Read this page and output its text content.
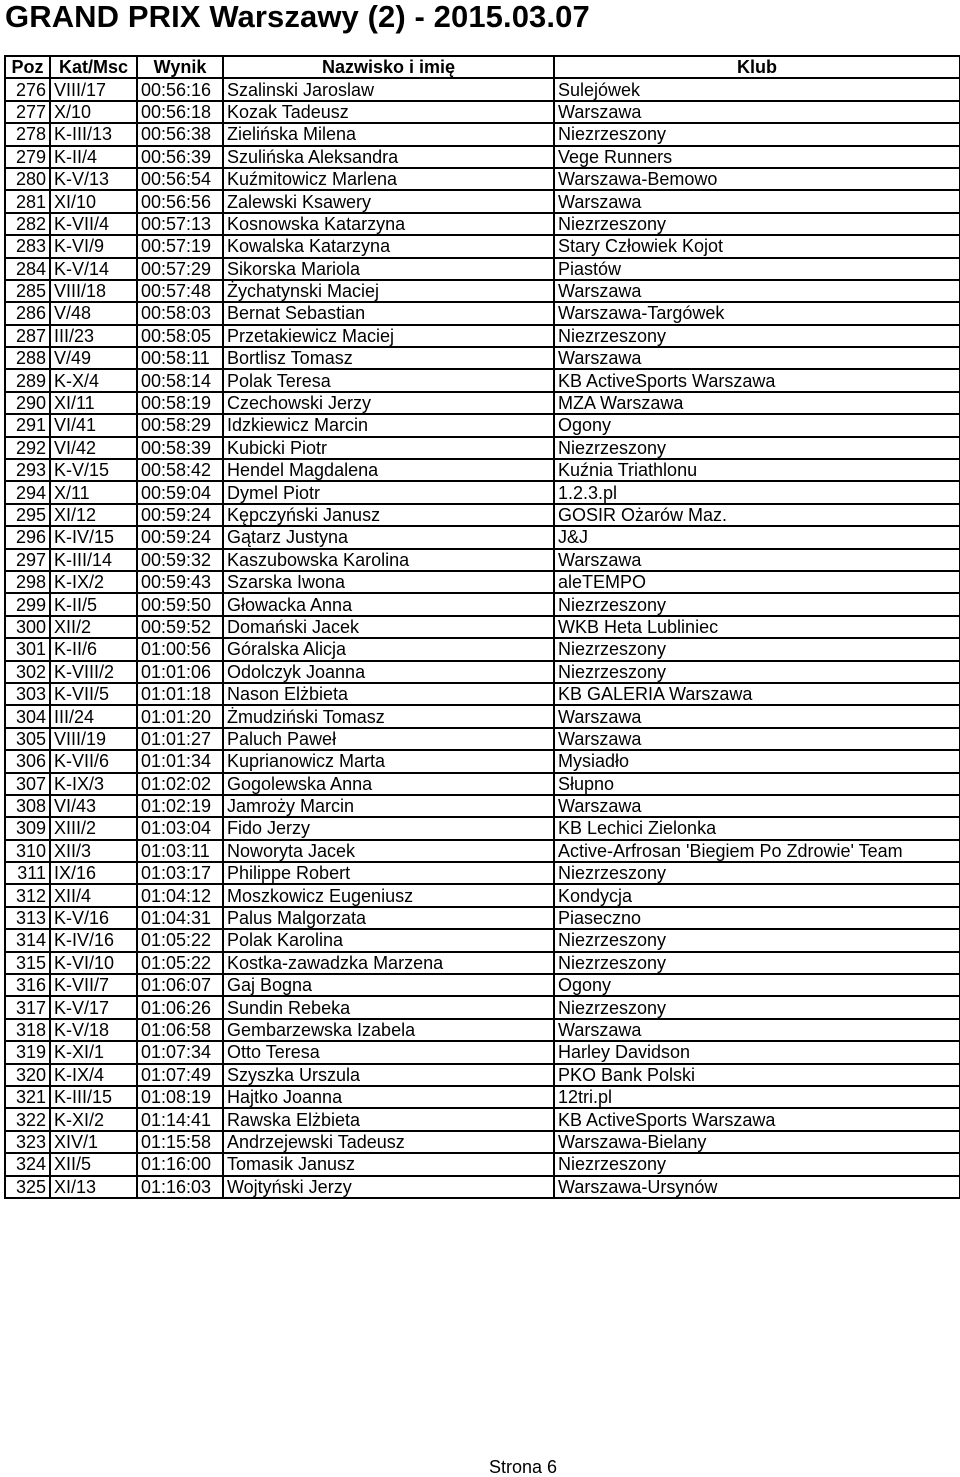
GRAND PRIX Warszawy (2) - 2015.03.07
Poz	Kat/Msc	Wynik	Nazwisko i imię	Klub
276	VIII/17	00:56:16	Szalinski Jaroslaw	Sulejówek
277	X/10	00:56:18	Kozak Tadeusz	Warszawa
278	K-III/13	00:56:38	Zielińska Milena	Niezrzeszony
279	K-II/4	00:56:39	Szulińska Aleksandra	Vege Runners
280	K-V/13	00:56:54	Kuźmitowicz Marlena	Warszawa-Bemowo
281	XI/10	00:56:56	Zalewski Ksawery	Warszawa
282	K-VII/4	00:57:13	Kosnowska Katarzyna	Niezrzeszony
283	K-VI/9	00:57:19	Kowalska Katarzyna	Stary Człowiek Kojot
284	K-V/14	00:57:29	Sikorska Mariola	Piastów
285	VIII/18	00:57:48	Żychatynski Maciej	Warszawa
286	V/48	00:58:03	Bernat Sebastian	Warszawa-Targówek
287	III/23	00:58:05	Przetakiewicz Maciej	Niezrzeszony
288	V/49	00:58:11	Bortlisz Tomasz	Warszawa
289	K-X/4	00:58:14	Polak Teresa	KB ActiveSports Warszawa
290	XI/11	00:58:19	Czechowski Jerzy	MZA Warszawa
291	VI/41	00:58:29	Idzkiewicz Marcin	Ogony
292	VI/42	00:58:39	Kubicki Piotr	Niezrzeszony
293	K-V/15	00:58:42	Hendel Magdalena	Kuźnia Triathlonu
294	X/11	00:59:04	Dymel Piotr	1.2.3.pl
295	XI/12	00:59:24	Kępczyński Janusz	GOSIR Ożarów Maz.
296	K-IV/15	00:59:24	Gątarz Justyna	J&J
297	K-III/14	00:59:32	Kaszubowska Karolina	Warszawa
298	K-IX/2	00:59:43	Szarska Iwona	aleTEMPO
299	K-II/5	00:59:50	Głowacka Anna	Niezrzeszony
300	XII/2	00:59:52	Domański Jacek	WKB Heta Lubliniec
301	K-II/6	01:00:56	Góralska Alicja	Niezrzeszony
302	K-VIII/2	01:01:06	Odolczyk Joanna	Niezrzeszony
303	K-VII/5	01:01:18	Nason Elżbieta	KB GALERIA Warszawa
304	III/24	01:01:20	Żmudziński Tomasz	Warszawa
305	VIII/19	01:01:27	Paluch Paweł	Warszawa
306	K-VII/6	01:01:34	Kuprianowicz Marta	Mysiadło
307	K-IX/3	01:02:02	Gogolewska Anna	Słupno
308	VI/43	01:02:19	Jamroży Marcin	Warszawa
309	XIII/2	01:03:04	Fido Jerzy	KB Lechici Zielonka
310	XII/3	01:03:11	Noworyta Jacek	Active-Arfrosan 'Biegiem Po Zdrowie' Team
311	IX/16	01:03:17	Philippe Robert	Niezrzeszony
312	XII/4	01:04:12	Moszkowicz Eugeniusz	Kondycja
313	K-V/16	01:04:31	Palus Malgorzata	Piaseczno
314	K-IV/16	01:05:22	Polak Karolina	Niezrzeszony
315	K-VI/10	01:05:22	Kostka-zawadzka Marzena	Niezrzeszony
316	K-VII/7	01:06:07	Gaj Bogna	Ogony
317	K-V/17	01:06:26	Sundin Rebeka	Niezrzeszony
318	K-V/18	01:06:58	Gembarzewska Izabela	Warszawa
319	K-XI/1	01:07:34	Otto Teresa	Harley Davidson
320	K-IX/4	01:07:49	Szyszka Urszula	PKO Bank Polski
321	K-III/15	01:08:19	Hajtko Joanna	12tri.pl
322	K-XI/2	01:14:41	Rawska Elżbieta	KB ActiveSports Warszawa
323	XIV/1	01:15:58	Andrzejewski Tadeusz	Warszawa-Bielany
324	XII/5	01:16:00	Tomasik Janusz	Niezrzeszony
325	XI/13	01:16:03	Wojtyński Jerzy	Warszawa-Ursynów
Strona 6
